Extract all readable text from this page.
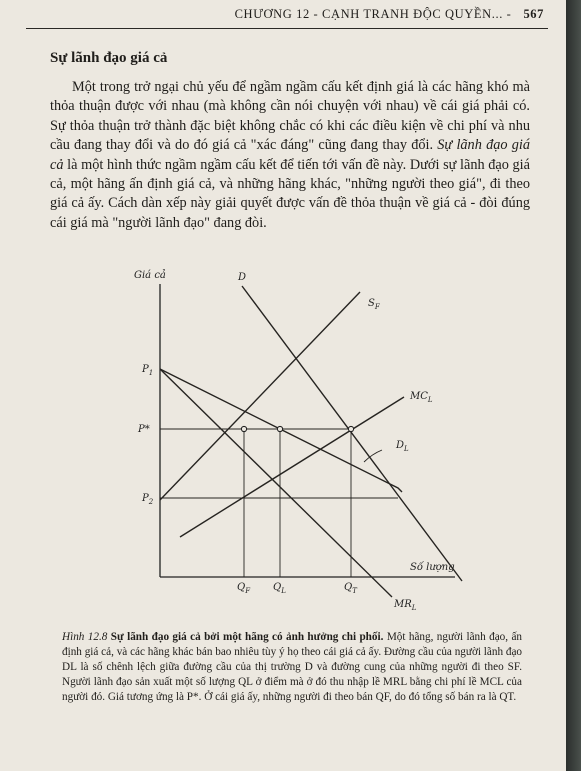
CHƯƠNG 12 - CẠNH TRANH ĐỘC QUYỀN... - 567
Sự lãnh đạo giá cả

Một trong trở ngại chủ yếu để ngầm ngầm cấu kết định giá là các hãng khó mà thỏa thuận được với nhau (mà không cần nói chuyện với nhau) về cái giá phải có. Sự thỏa thuận trở thành đặc biệt không chắc có khi các điều kiện về chi phí và nhu cầu đang thay đổi và do đó giá cả "xác đáng" cũng đang thay đổi. Sự lãnh đạo giá cả là một hình thức ngầm ngầm cấu kết để tiến tới vấn đề này. Dưới sự lãnh đạo giá cả, một hãng ấn định giá cả, và những hãng khác, "những người theo giá", đi theo giá cả ấy. Cách dàn xếp này giải quyết được vấn đề thỏa thuận về giá cả - đòi đúng cái giá mà "người lãnh đạo" đang đòi.

Giá cả
Số lượng
D
$S_F$
$D_L$
$MR_L$
$MC_L$
$P_1$
P*
$P_2$
$Q_F$ $Q_L$	$Q_T$

Hình 12.8 Sự lãnh đạo giá cả bởi một hãng có ảnh hưởng chi phối. Một hãng, người lãnh đạo, ấn định giá cả, và các hãng khác bán bao nhiêu tùy ý họ theo cái giá cả ấy. Đường cầu của người lãnh đạo DL là số chênh lệch giữa đường cầu của thị trường D và đường cung của những người đi theo SF. Người lãnh đạo sản xuất một số lượng QL ở điểm mà ở đó thu nhập lề MRL bằng chi phí lề MCL của người đó. Giá tương ứng là P*. Ở cái giá ấy, những người đi theo bán QF, do đó tổng số bán ra là QT.
